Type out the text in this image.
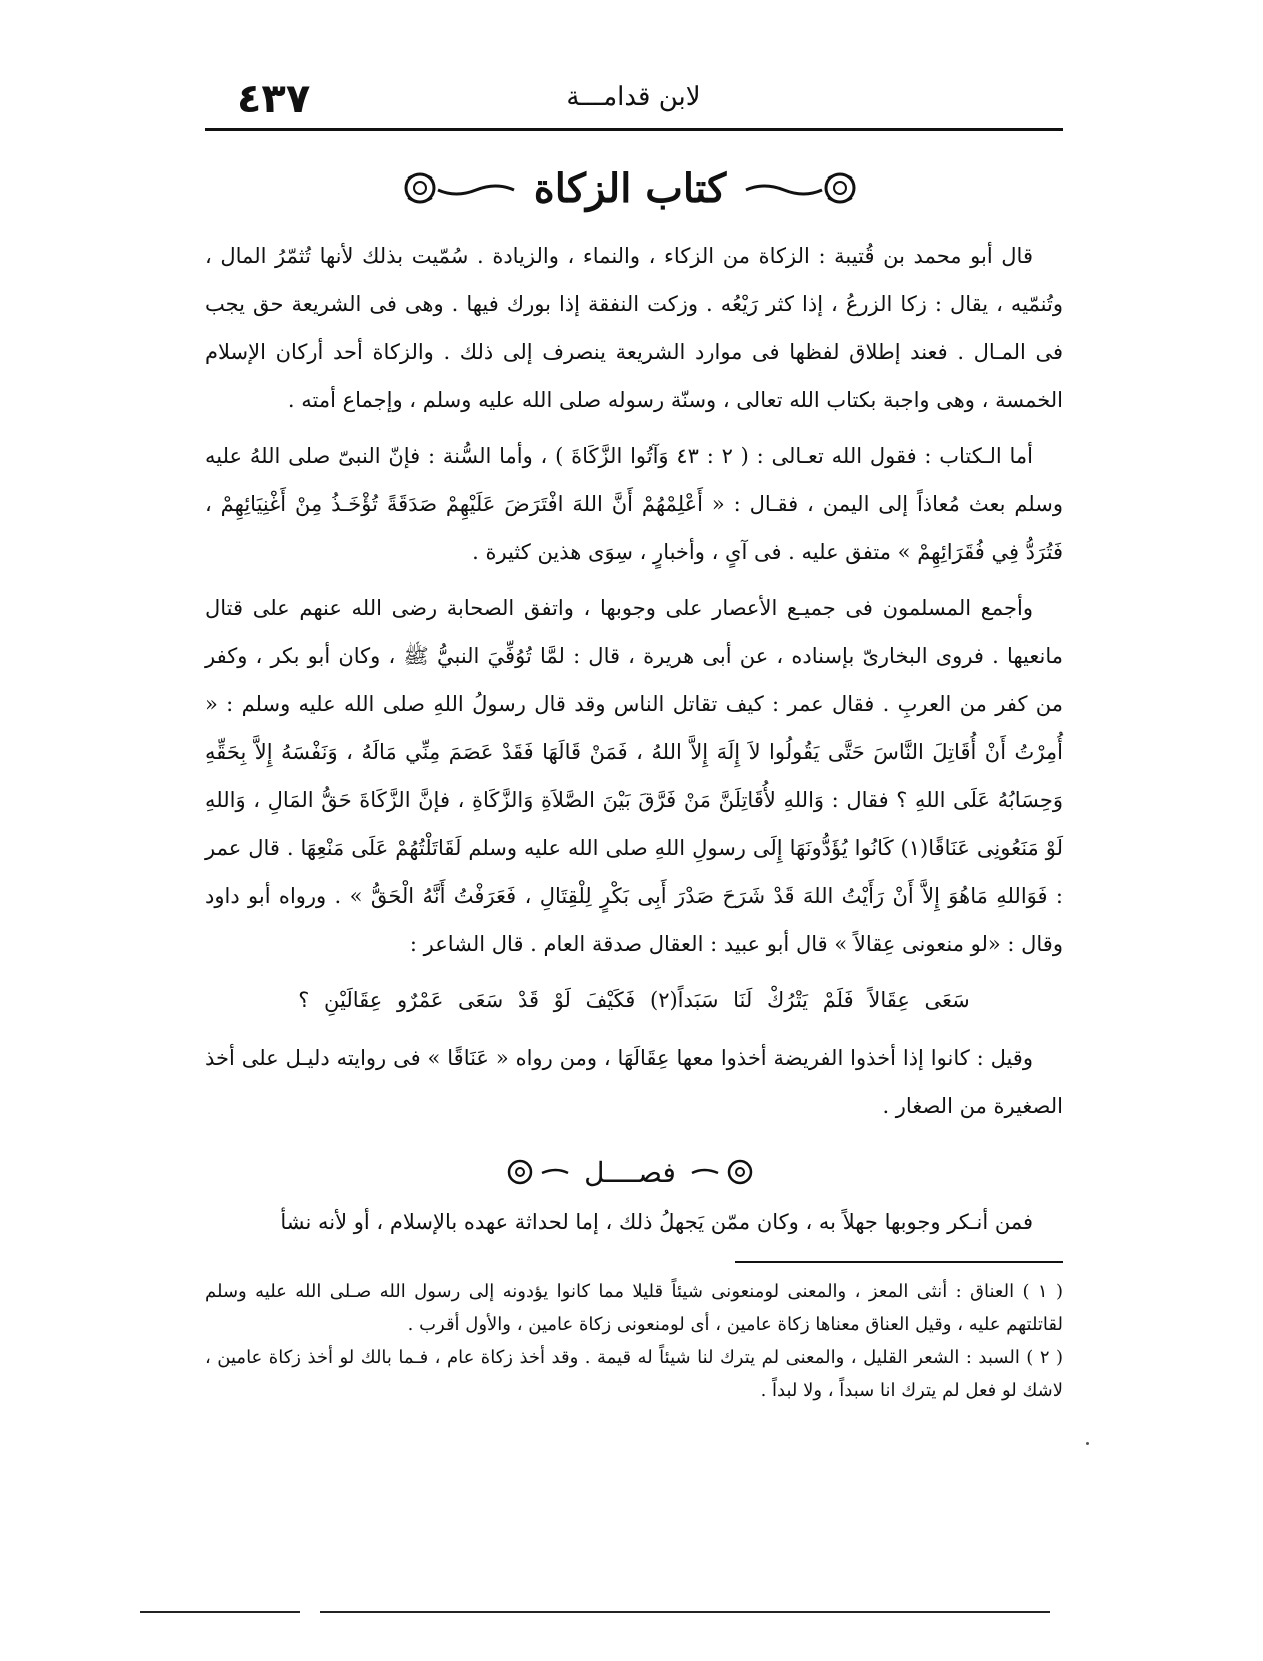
٤٣٧	لابن قدامـــة
كتاب الزكاة

قال أبو محمد بن قُتيبة : الزكاة من الزكاء ، والنماء ، والزيادة . سُمّيت بذلك لأنها تُثمّرُ المال ، وتُنمّيه ، يقال : زكا الزرعُ ، إذا كثر رَيْعُه . وزكت النفقة إذا بورك فيها . وهى فى الشريعة حق يجب فى المـال . فعند إطلاق لفظها فى موارد الشريعة ينصرف إلى ذلك . والزكاة أحد أركان الإسلام الخمسة ، وهى واجبة بكتاب الله تعالى ، وسنّة رسوله صلى الله عليه وسلم ، وإجماع أمته .

أما الـكتاب : فقول الله تعـالى : ( ٢ : ٤٣ وَآتُوا الزَّكَاةَ ) ، وأما السُّنة : فإنّ النبىّ صلى اللهُ عليه وسلم بعث مُعاذاً إلى اليمن ، فقـال : « أَعْلِمْهُمْ أَنَّ اللهَ افْتَرَضَ عَلَيْهِمْ صَدَقَةً تُؤْخَـذُ مِنْ أَغْنِيَائِهِمْ ، فَتُرَدُّ فِي فُقَرَائِهِمْ » متفق عليه . فى آىٍ ، وأخبارٍ ، سِوَى هذين كثيرة .

وأجمع المسلمون فى جميـع الأعصار على وجوبها ، واتفق الصحابة رضى الله عنهم على قتال مانعيها . فروى البخارىّ بإسناده ، عن أبى هريرة ، قال : لمَّا تُوُفِّيَ النبيُّ ﷺ ، وكان أبو بكر ، وكفر من كفر من العربِ . فقال عمر : كيف تقاتل الناس وقد قال رسولُ اللهِ صلى الله عليه وسلم : « أُمِرْتُ أَنْ أُقَاتِلَ النَّاسَ حَتَّى يَقُولُوا لاَ إِلَهَ إِلاَّ اللهُ ، فَمَنْ قَالَهَا فَقَدْ عَصَمَ مِنِّي مَالَهُ ، وَنَفْسَهُ إِلاَّ بِحَقِّهِ وَحِسَابُهُ عَلَى اللهِ ؟ فقال : وَاللهِ لأُقَاتِلَنَّ مَنْ فَرَّقَ بَيْنَ الصَّلاَةِ وَالزَّكَاةِ ، فإنَّ الزَّكَاةَ حَقُّ المَالِ ، وَاللهِ لَوْ مَنَعُونِى عَنَاقًا(١) كَانُوا يُؤَدُّونَهَا إِلَى رسولِ اللهِ صلى الله عليه وسلم لَقَاتَلْتُهُمْ عَلَى مَنْعِهَا . قال عمر : فَوَاللهِ مَاهُوَ إِلاَّ أَنْ رَأَيْتُ اللهَ قَدْ شَرَحَ صَدْرَ أَبِى بَكْرٍ لِلْقِتَالِ ، فَعَرَفْتُ أَنَّهُ الْحَقُّ » . ورواه أبو داود وقال : «لو منعونى عِقالاً » قال أبو عبيد : العقال صدقة العام . قال الشاعر :

سَعَى عِقَالاً فَلَمْ يَتْرُكْ لَنَا سَبَداً(٢) فَكَيْفَ لَوْ قَدْ سَعَى عَمْرٌو عِقَالَيْنِ ؟

وقيل : كانوا إذا أخذوا الفريضة أخذوا معها عِقَالَهَا ، ومن رواه « عَنَاقًا » فى روايته دليـل على أخذ الصغيرة من الصغار .

فصــــل

فمن أنـكر وجوبها جهلاً به ، وكان ممّن يَجهلُ ذلك ، إما لحداثة عهده بالإسلام ، أو لأنه نشأ

( ١ ) العناق : أنثى المعز ، والمعنى لومنعونى شيئاً قليلا مما كانوا يؤدونه إلى رسول الله صـلى الله عليه وسلم لقاتلتهم عليه ، وقيل العناق معناها زكاة عامين ، أى لومنعونى زكاة عامين ، والأول أقرب .

( ٢ ) السبد : الشعر القليل ، والمعنى لم يترك لنا شيئاً له قيمة . وقد أخذ زكاة عام ، فـما بالك لو أخذ زكاة عامين ، لاشك لو فعل لم يترك انا سبداً ، ولا لبداً .
